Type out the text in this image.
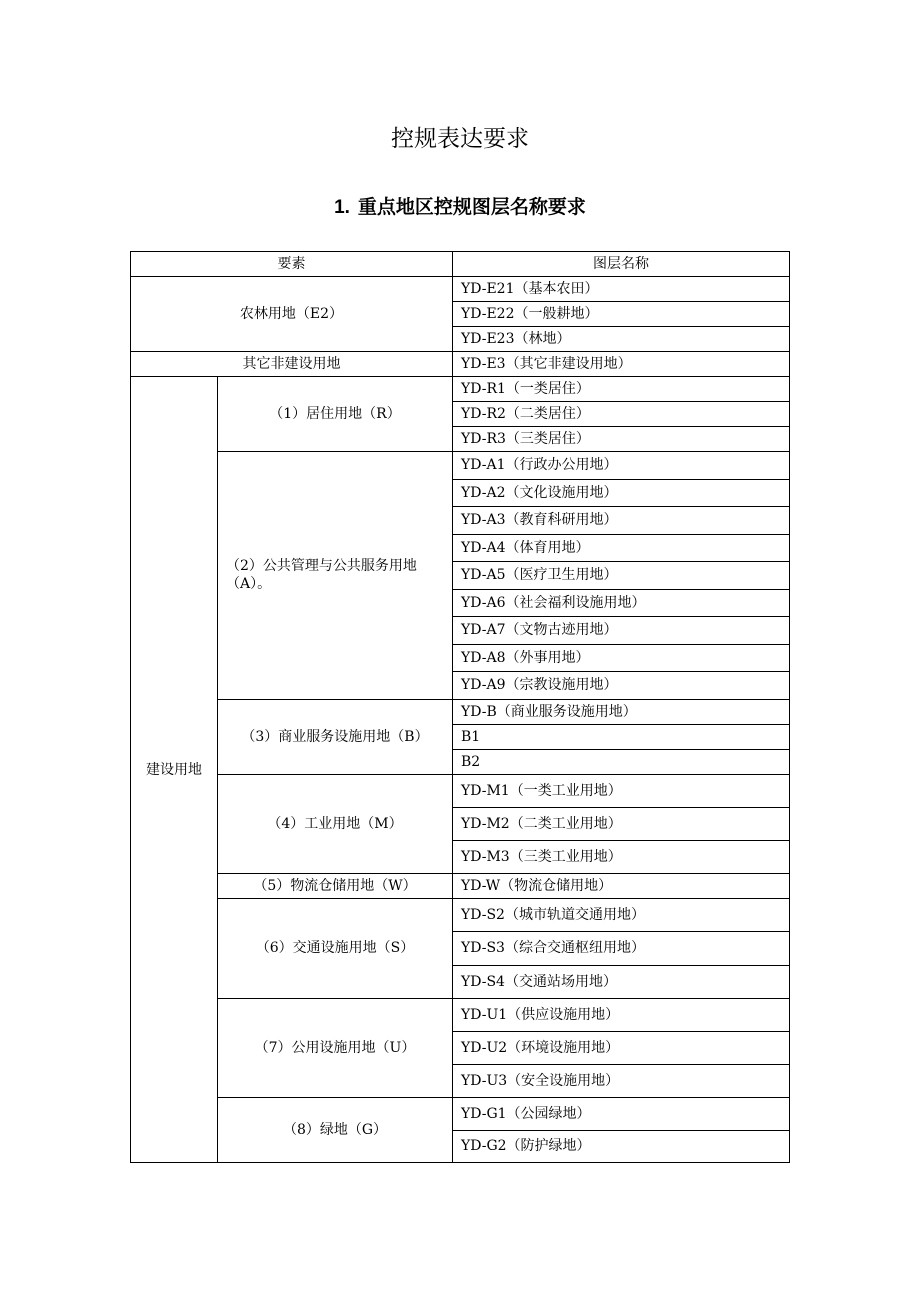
控规表达要求
1. 重点地区控规图层名称要求
要素		图层名称
农林用地（E2）		YD-E21（基本农田）
		YD-E22（一般耕地）
		YD-E23（林地）
其它非建设用地		YD-E3（其它非建设用地）
建设用地	（1）居住用地（R）	YD-R1（一类居住）
		YD-R2（二类居住）
		YD-R3（三类居住）
	（2）公共管理与公共服务用地（A）。	YD-A1（行政办公用地）
		YD-A2（文化设施用地）
		YD-A3（教育科研用地）
		YD-A4（体育用地）
		YD-A5（医疗卫生用地）
		YD-A6（社会福利设施用地）
		YD-A7（文物古迹用地）
		YD-A8（外事用地）
		YD-A9（宗教设施用地）
	（3）商业服务设施用地（B）	YD-B（商业服务设施用地）
		B1
		B2
	（4）工业用地（M）	YD-M1（一类工业用地）
		YD-M2（二类工业用地）
		YD-M3（三类工业用地）
	（5）物流仓储用地（W）	YD-W（物流仓储用地）
	（6）交通设施用地（S）	YD-S2（城市轨道交通用地）
		YD-S3（综合交通枢纽用地）
		YD-S4（交通站场用地）
	（7）公用设施用地（U）	YD-U1（供应设施用地）
		YD-U2（环境设施用地）
		YD-U3（安全设施用地）
	（8）绿地（G）	YD-G1（公园绿地）
		YD-G2（防护绿地）
